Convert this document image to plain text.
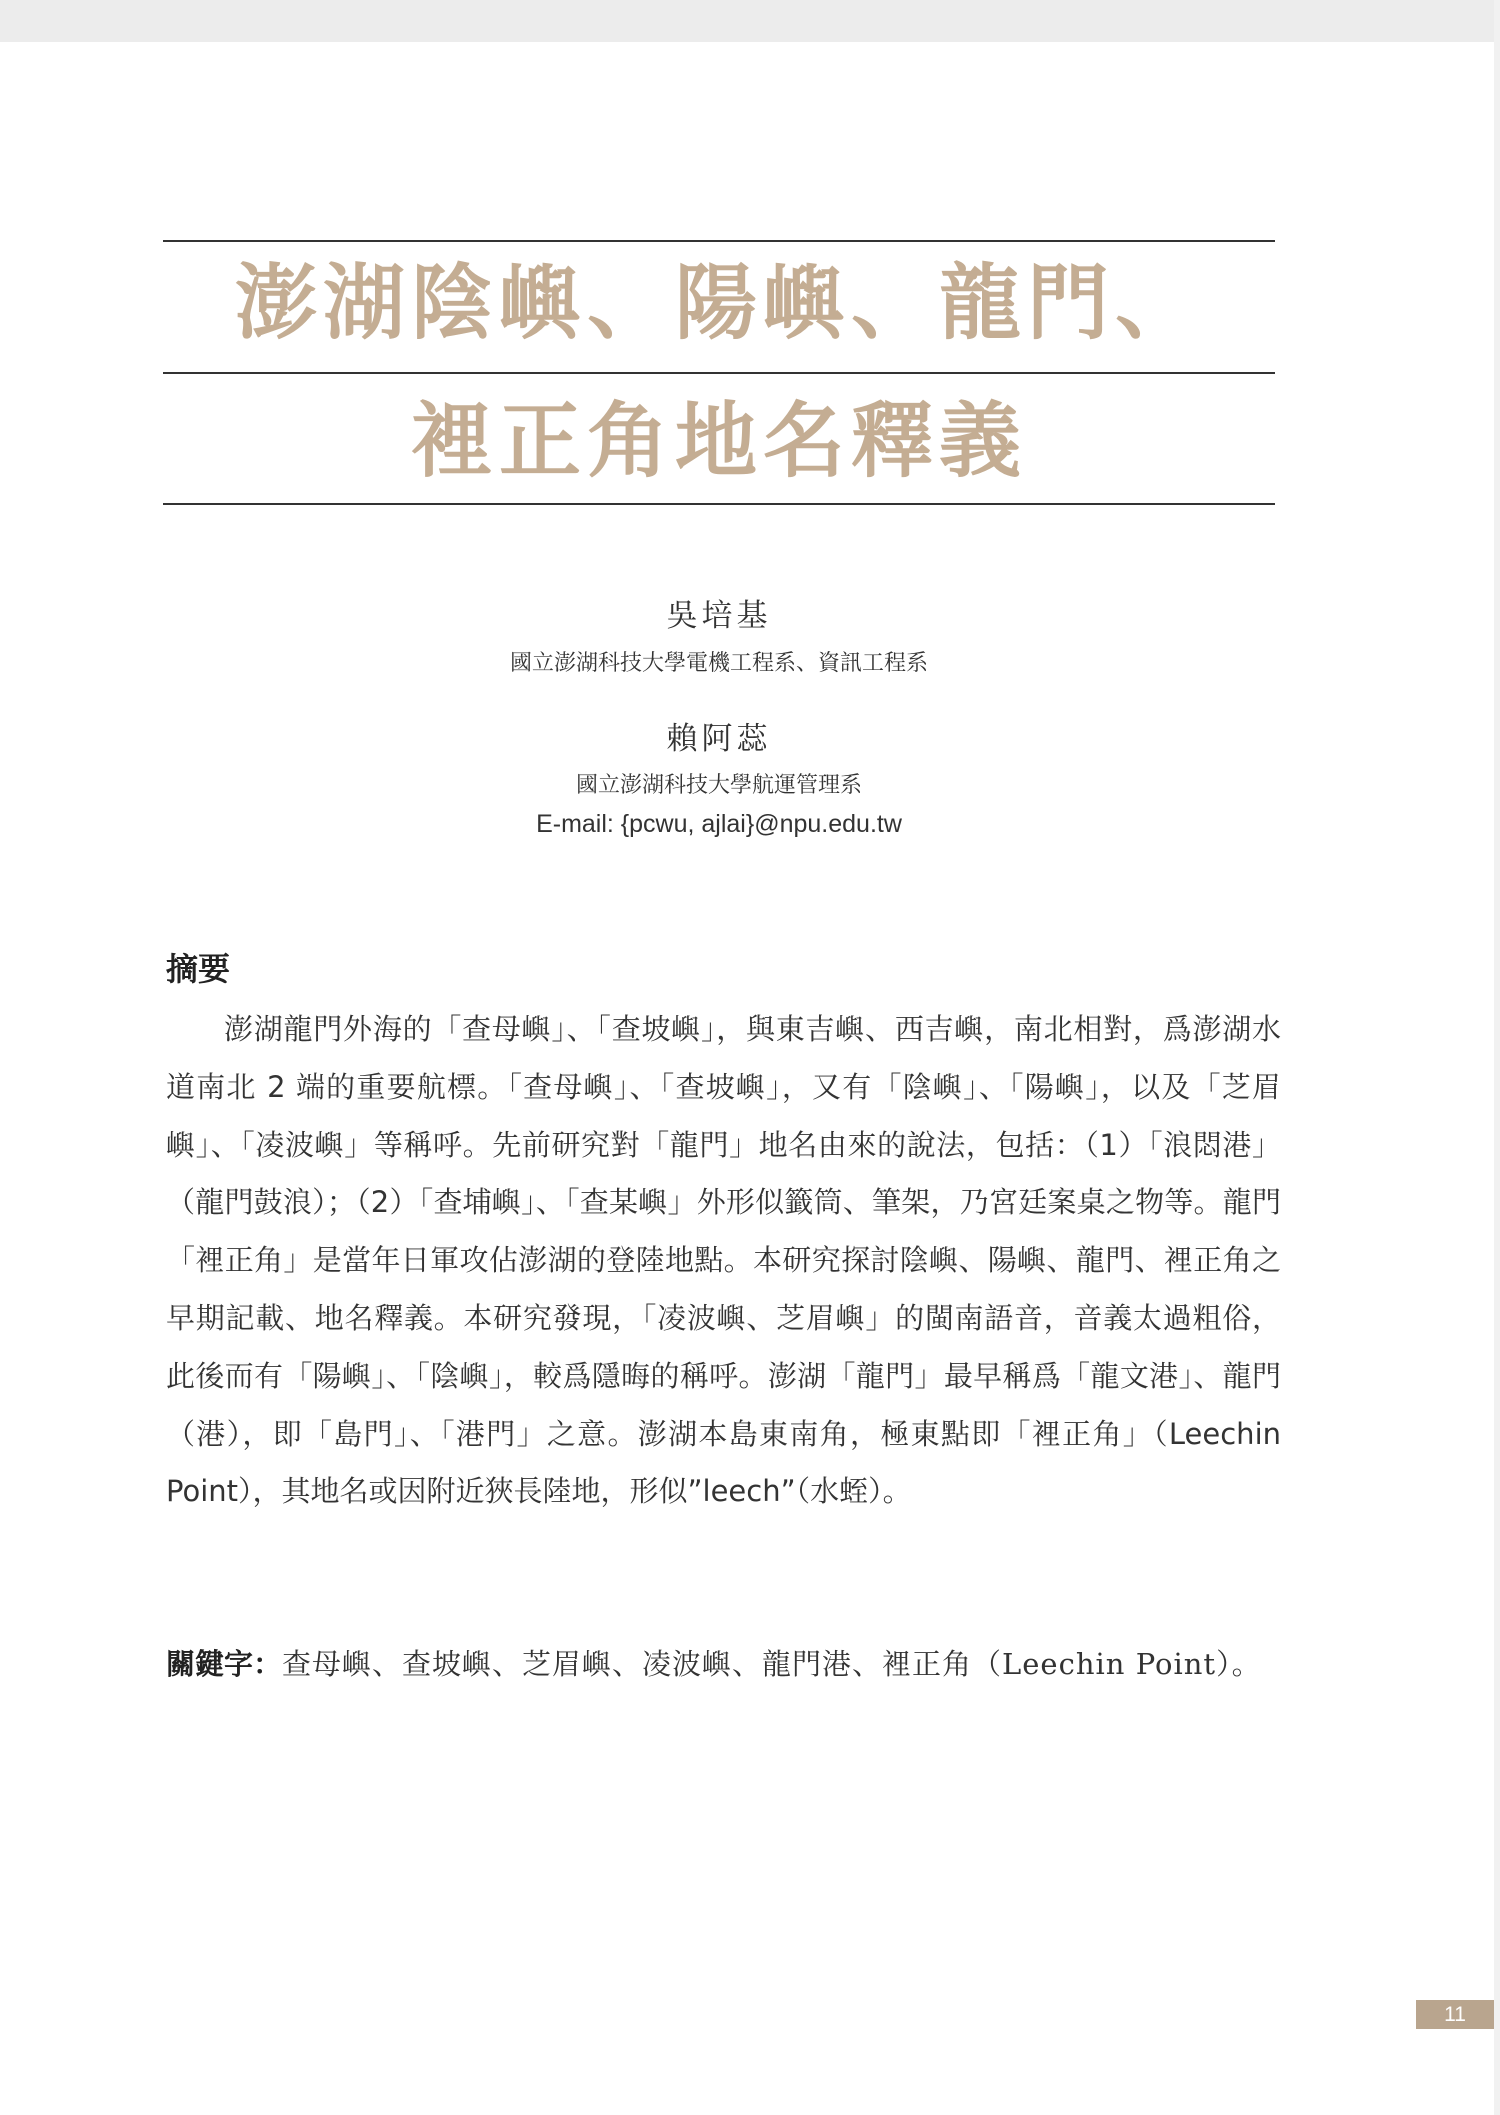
澎湖陰嶼、陽嶼、龍門、
裡正角地名釋義
吳培基
國立澎湖科技大學電機工程系、資訊工程系
賴阿蕊
國立澎湖科技大學航運管理系
E-mail: {pcwu, ajlai}@npu.edu.tw
摘要

澎湖龍門外海的「查母嶼」、「查坡嶼」，與東吉嶼、西吉嶼，南北相對，爲澎湖水道南北 2 端的重要航標。「查母嶼」、「查坡嶼」，又有「陰嶼」、「陽嶼」，以及「芝眉嶼」、「凌波嶼」等稱呼。先前研究對「龍門」地名由來的說法，包括：（1）「浪悶港」（龍門鼓浪）；（2）「查埔嶼」、「查某嶼」外形似籤筒、筆架，乃宮廷案桌之物等。龍門「裡正角」是當年日軍攻佔澎湖的登陸地點。本研究探討陰嶼、陽嶼、龍門、裡正角之早期記載、地名釋義。本研究發現，「凌波嶼、芝眉嶼」的閩南語音，音義太過粗俗，此後而有「陽嶼」、「陰嶼」，較爲隱晦的稱呼。澎湖「龍門」最早稱爲「龍文港」、龍門（港），即「島門」、「港門」之意。澎湖本島東南角，極東點即「裡正角」（Leechin Point），其地名或因附近狹長陸地，形似”leech”（水蛭）。

關鍵字：查母嶼、查坡嶼、芝眉嶼、凌波嶼、龍門港、裡正角（Leechin Point）。
11
